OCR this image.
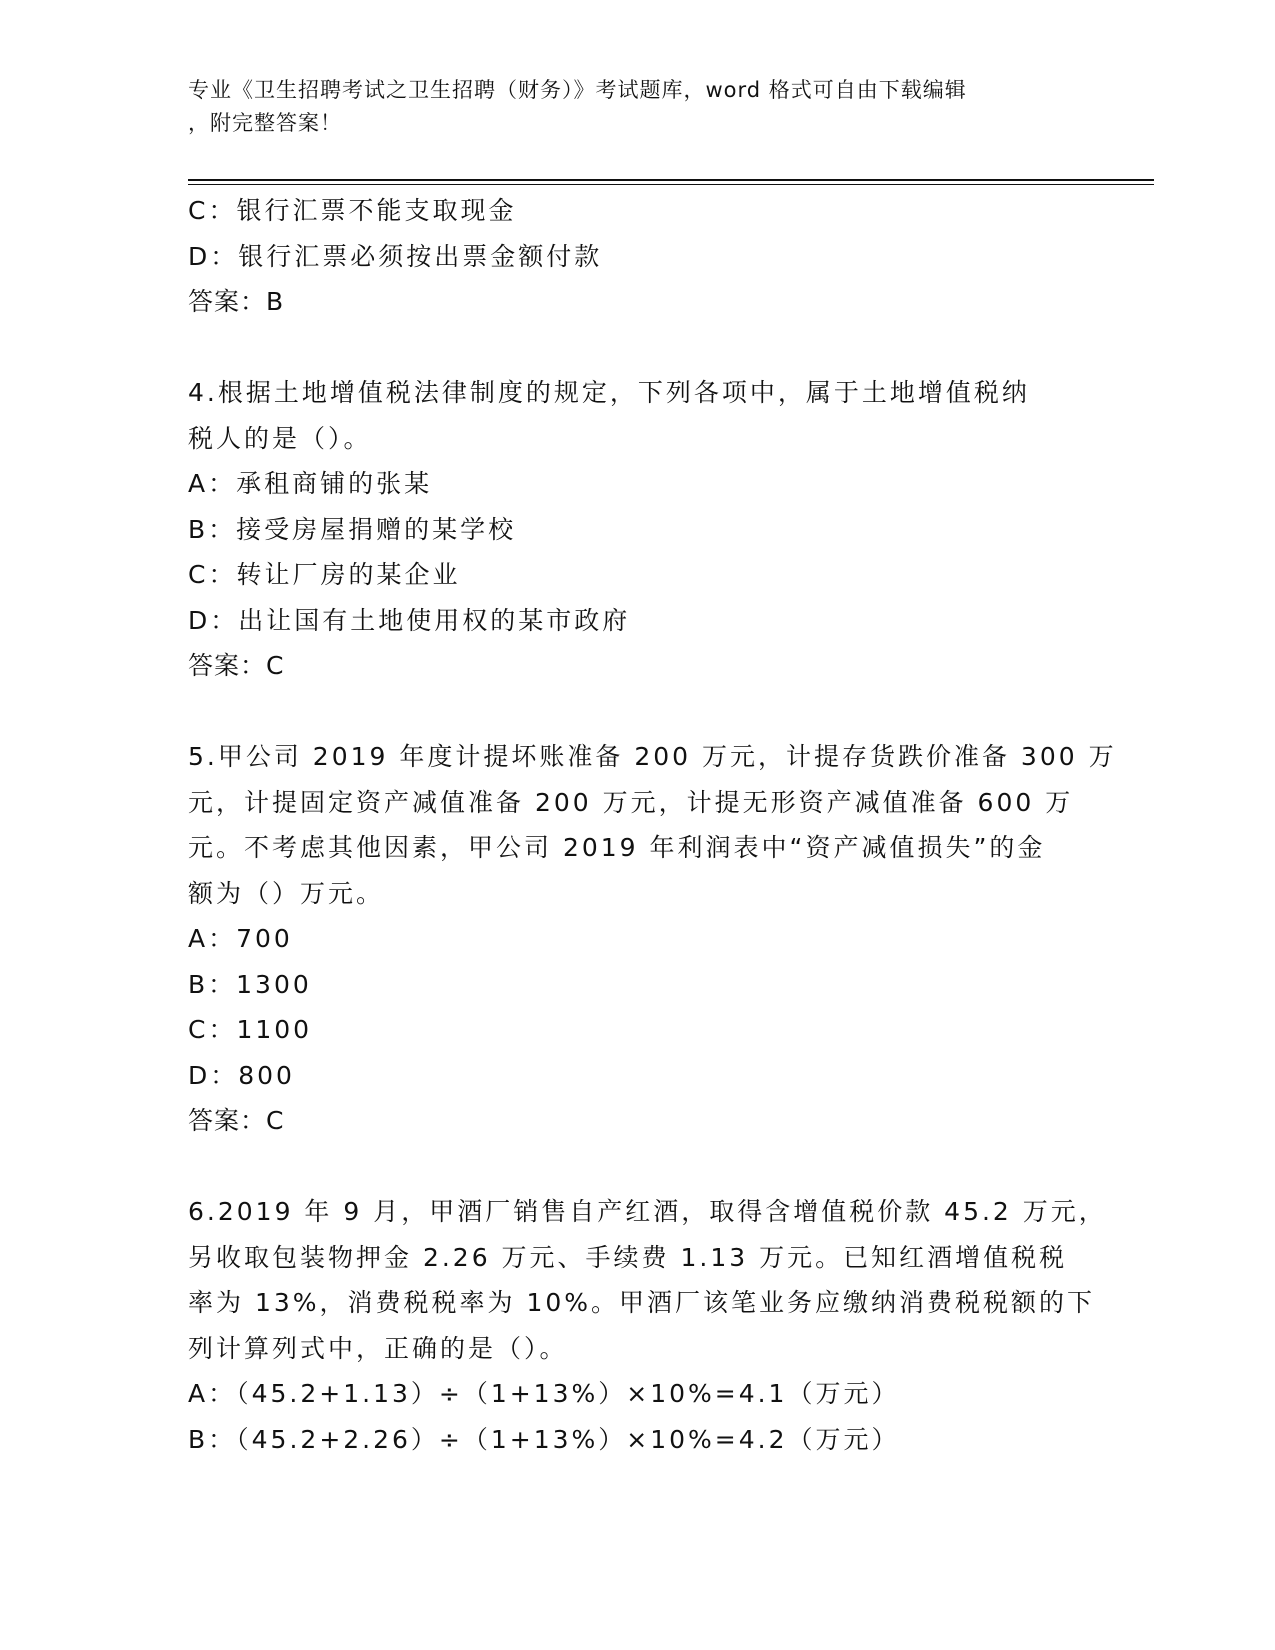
专业《卫生招聘考试之卫生招聘（财务）》考试题库，word 格式可自由下载编辑
，附完整答案！
C：银行汇票不能支取现金
D：银行汇票必须按出票金额付款
答案：B
4.根据土地增值税法律制度的规定，下列各项中，属于土地增值税纳
税人的是（）。
A：承租商铺的张某
B：接受房屋捐赠的某学校
C：转让厂房的某企业
D：出让国有土地使用权的某市政府
答案：C
5.甲公司 2019 年度计提坏账准备 200 万元，计提存货跌价准备 300 万
元，计提固定资产减值准备 200 万元，计提无形资产减值准备 600 万
元。不考虑其他因素，甲公司 2019 年利润表中“资产减值损失”的金
额为（）万元。
A：700
B：1300
C：1100
D：800
答案：C
6.2019 年 9 月，甲酒厂销售自产红酒，取得含增值税价款 45.2 万元，
另收取包装物押金 2.26 万元、手续费 1.13 万元。已知红酒增值税税
率为 13%，消费税税率为 10%。甲酒厂该笔业务应缴纳消费税税额的下
列计算列式中，正确的是（）。
A：（45.2+1.13）÷（1+13%）×10%=4.1（万元）
B：（45.2+2.26）÷（1+13%）×10%=4.2（万元）
